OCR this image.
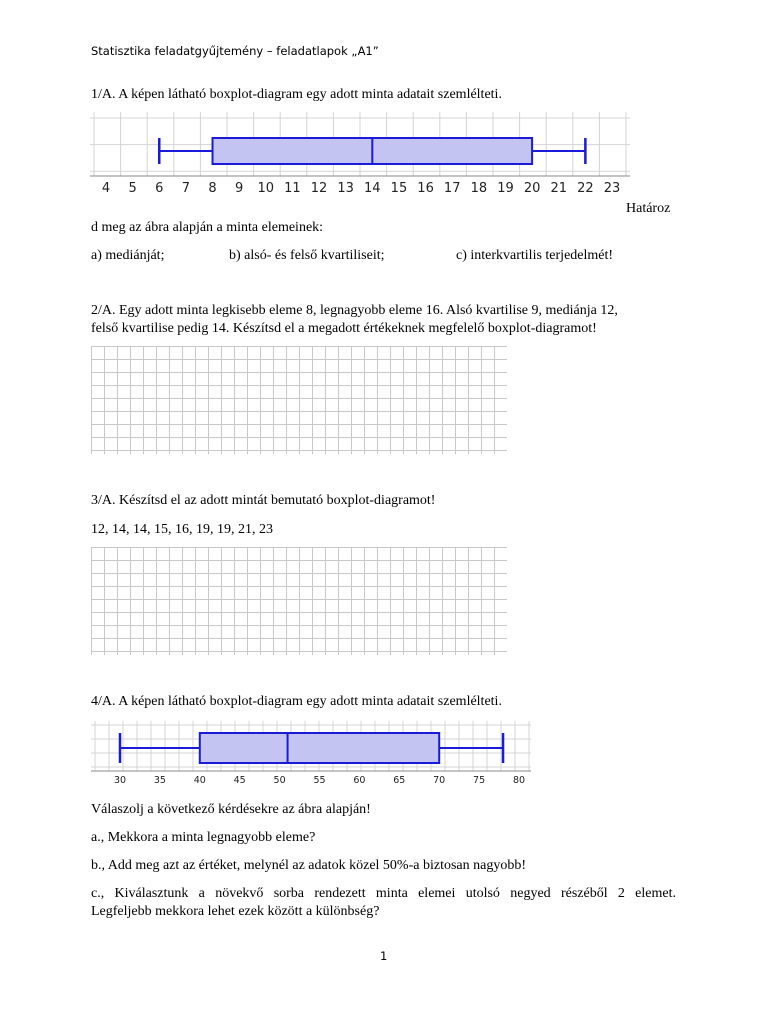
Statisztika feladatgyűjtemény – feladatlapok „A1”
1/A. A képen látható boxplot-diagram egy adott minta adatait szemlélteti.
4 5 6 7 8 9 10 11 12 13 14 15 16 17 18 19 20 21 22 23
Határoz
d meg az ábra alapján a minta elemeinek:
a) mediánját;	b) alsó- és felső kvartiliseit;	c) interkvartilis terjedelmét!
2/A. Egy adott minta legkisebb eleme 8, legnagyobb eleme 16. Alsó kvartilise 9, mediánja 12,
felső kvartilise pedig 14. Készítsd el a megadott értékeknek megfelelő boxplot-diagramot!
3/A. Készítsd el az adott mintát bemutató boxplot-diagramot!
12, 14, 14, 15, 16, 19, 19, 21, 23
4/A. A képen látható boxplot-diagram egy adott minta adatait szemlélteti.
30	35	40	45	50	55	60	65	70	75	80
Válaszolj a következő kérdésekre az ábra alapján!
a., Mekkora a minta legnagyobb eleme?
b., Add meg azt az értéket, melynél az adatok közel 50%-a biztosan nagyobb!
c., Kiválasztunk a növekvő sorba rendezett minta elemei utolsó negyed részéből 2 elemet.
Legfeljebb mekkora lehet ezek között a különbség?
1
